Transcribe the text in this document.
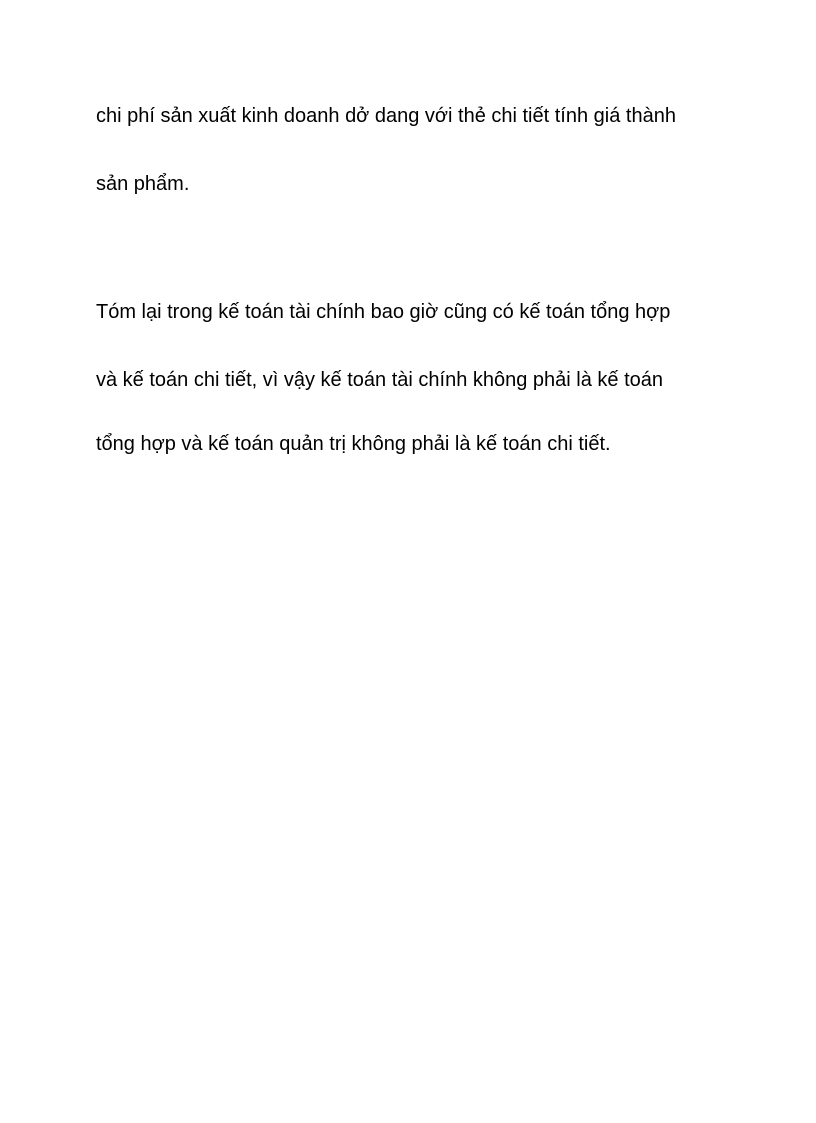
chi phí sản xuất kinh doanh dở dang với thẻ chi tiết tính giá thành
sản phẩm.
Tóm lại trong kế toán tài chính bao giờ cũng có kế toán tổng hợp
và kế toán chi tiết, vì vậy kế toán tài chính không phải là kế toán
tổng hợp và kế toán quản trị không phải là kế toán chi tiết.
